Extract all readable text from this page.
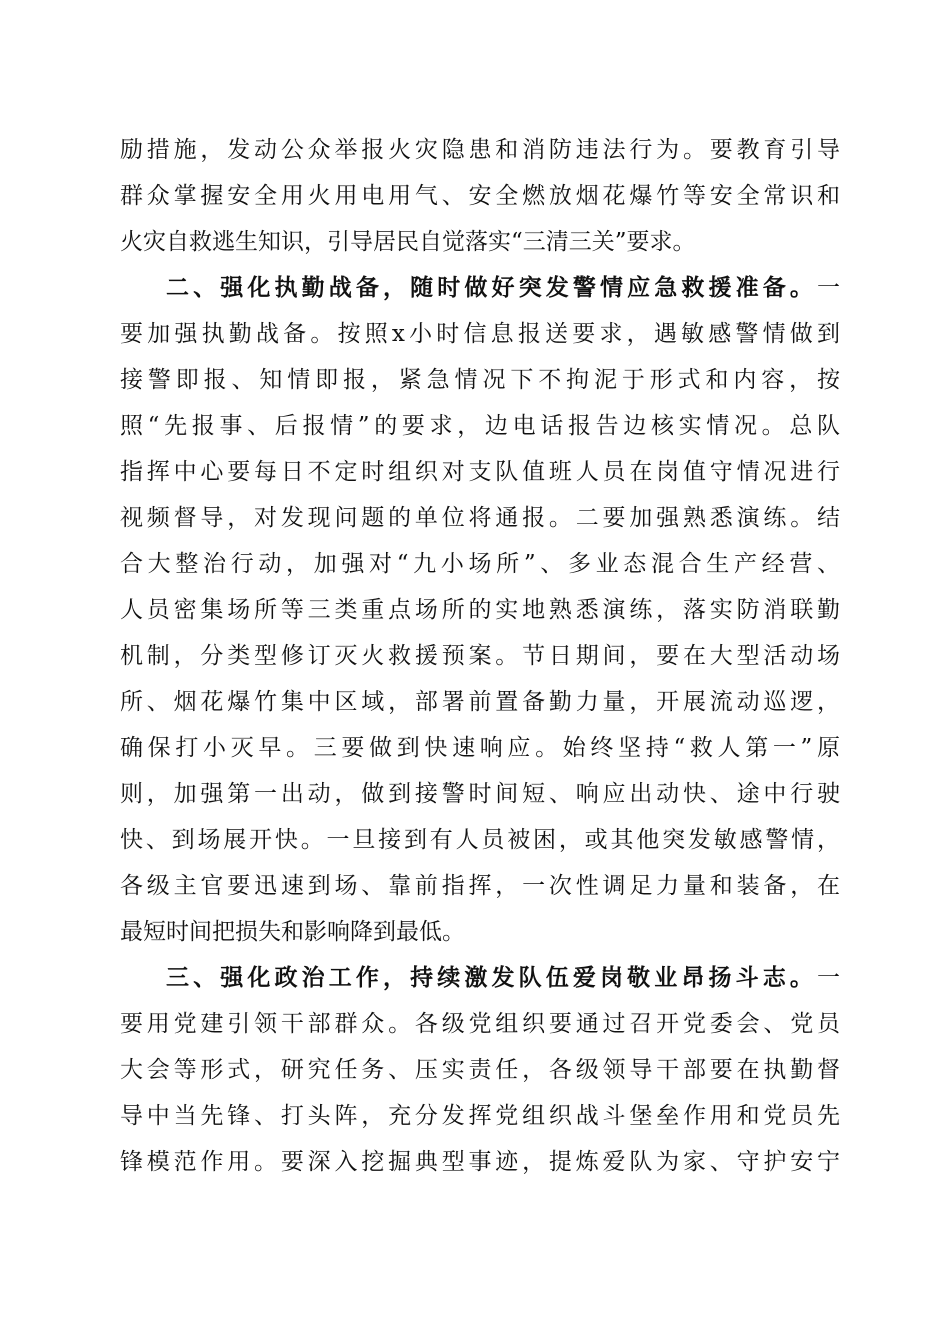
励措施，发动公众举报火灾隐患和消防违法行为。要教育引导
群众掌握安全用火用电用气、安全燃放烟花爆竹等安全常识和
火灾自救逃生知识，引导居民自觉落实“三清三关”要求。
二、强化执勤战备，随时做好突发警情应急救援准备。一
要加强执勤战备。按照x小时信息报送要求，遇敏感警情做到
接警即报、知情即报，紧急情况下不拘泥于形式和内容，按
照“先报事、后报情”的要求，边电话报告边核实情况。总队
指挥中心要每日不定时组织对支队值班人员在岗值守情况进行
视频督导，对发现问题的单位将通报。二要加强熟悉演练。结
合大整治行动，加强对“九小场所”、多业态混合生产经营、
人员密集场所等三类重点场所的实地熟悉演练，落实防消联勤
机制，分类型修订灭火救援预案。节日期间，要在大型活动场
所、烟花爆竹集中区域，部署前置备勤力量，开展流动巡逻，
确保打小灭早。三要做到快速响应。始终坚持“救人第一”原
则，加强第一出动，做到接警时间短、响应出动快、途中行驶
快、到场展开快。一旦接到有人员被困，或其他突发敏感警情，
各级主官要迅速到场、靠前指挥，一次性调足力量和装备，在
最短时间把损失和影响降到最低。
三、强化政治工作，持续激发队伍爱岗敬业昂扬斗志。一
要用党建引领干部群众。各级党组织要通过召开党委会、党员
大会等形式，研究任务、压实责任，各级领导干部要在执勤督
导中当先锋、打头阵，充分发挥党组织战斗堡垒作用和党员先
锋模范作用。要深入挖掘典型事迹，提炼爱队为家、守护安宁
